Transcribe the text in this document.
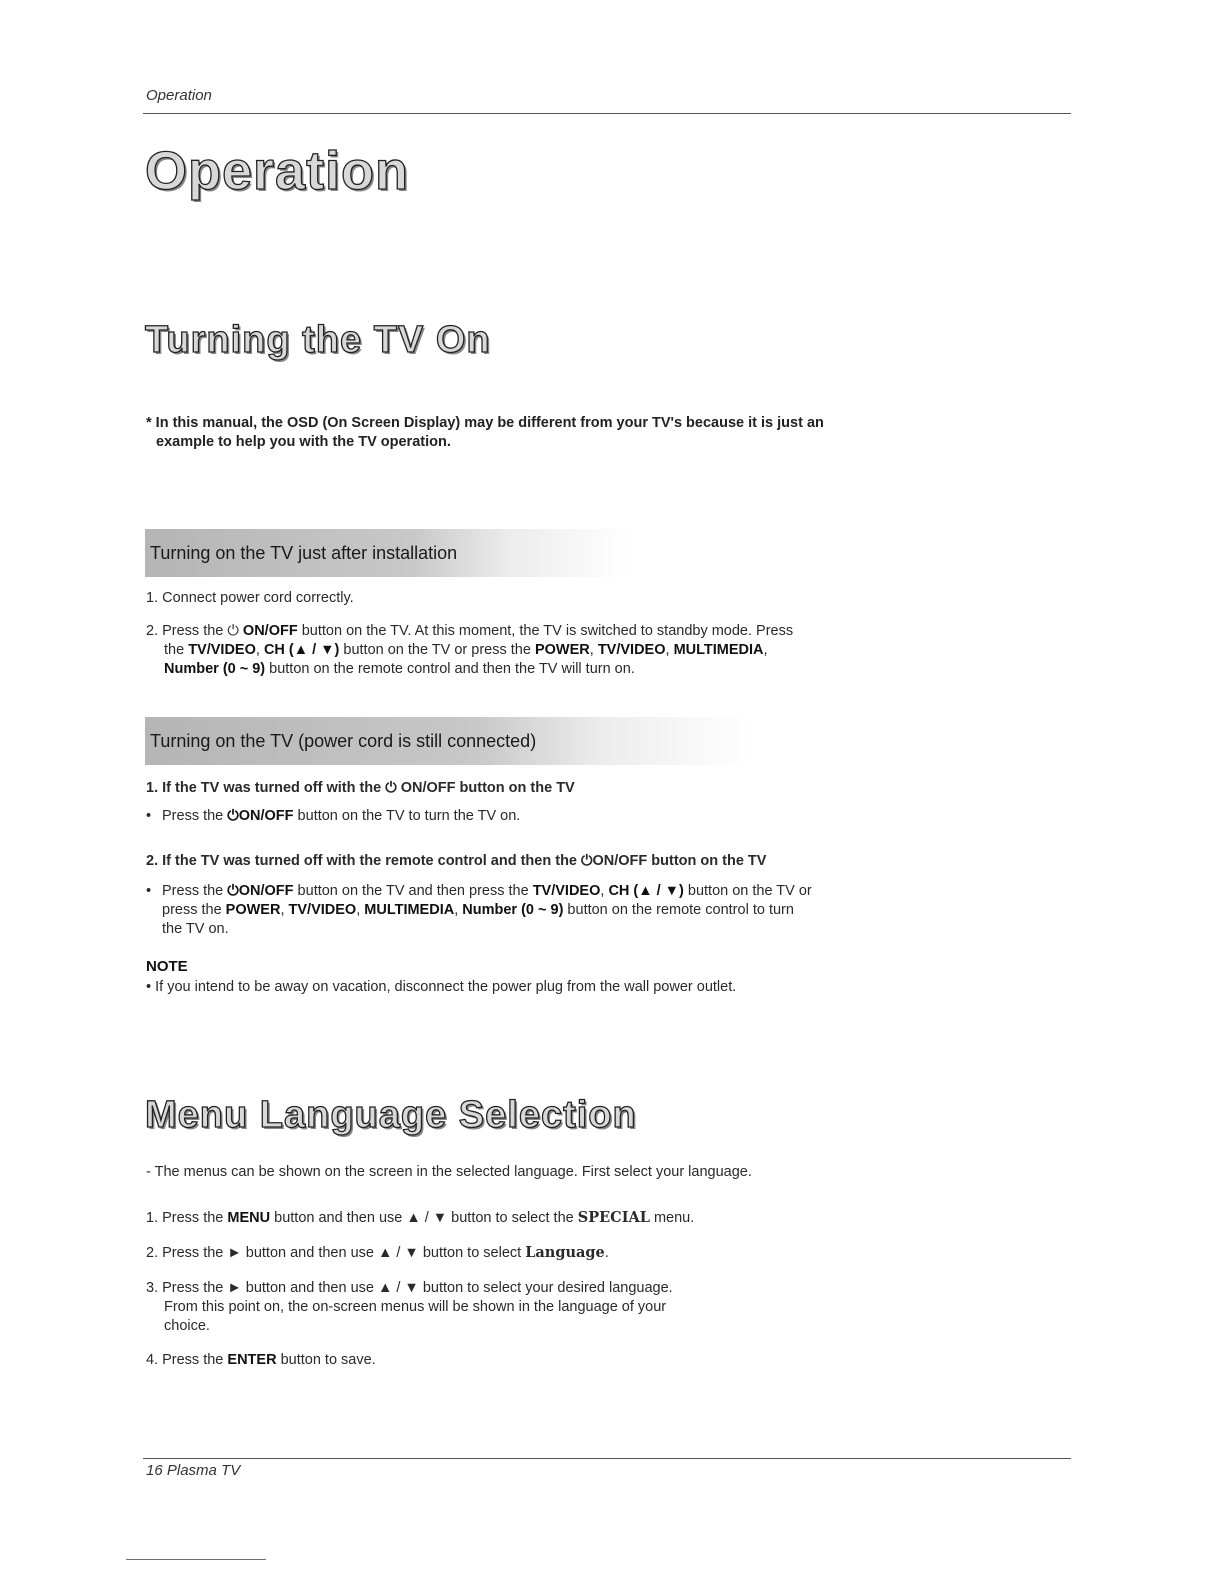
Operation
Operation
Turning the TV On
* In this manual, the OSD (On Screen Display) may be different from your TV's because it is just an
example to help you with the TV operation.
Turning on the TV just after installation
1. Connect power cord correctly.
2. Press the ⏻ ON/OFF button on the TV. At this moment, the TV is switched to standby mode. Press
the TV/VIDEO, CH (▲ / ▼) button on the TV or press the POWER, TV/VIDEO, MULTIMEDIA,
Number (0 ~ 9) button on the remote control and then the TV will turn on.
Turning on the TV (power cord is still connected)
1. If the TV was turned off with the ⏻ ON/OFF button on the TV
• Press the ⏻ON/OFF button on the TV to turn the TV on.
2. If the TV was turned off with the remote control and then the ⏻ON/OFF button on the TV
• Press the ⏻ON/OFF button on the TV and then press the TV/VIDEO, CH (▲ / ▼) button on the TV or
press the POWER, TV/VIDEO, MULTIMEDIA, Number (0 ~ 9) button on the remote control to turn
the TV on.
NOTE
• If you intend to be away on vacation, disconnect the power plug from the wall power outlet.
Menu Language Selection
- The menus can be shown on the screen in the selected language. First select your language.
1. Press the MENU button and then use ▲ / ▼ button to select the SPECIAL menu.
2. Press the ► button and then use ▲ / ▼ button to select Language.
3. Press the ► button and then use ▲ / ▼ button to select your desired language.
From this point on, the on-screen menus will be shown in the language of your
choice.
4. Press the ENTER button to save.
16 Plasma TV
